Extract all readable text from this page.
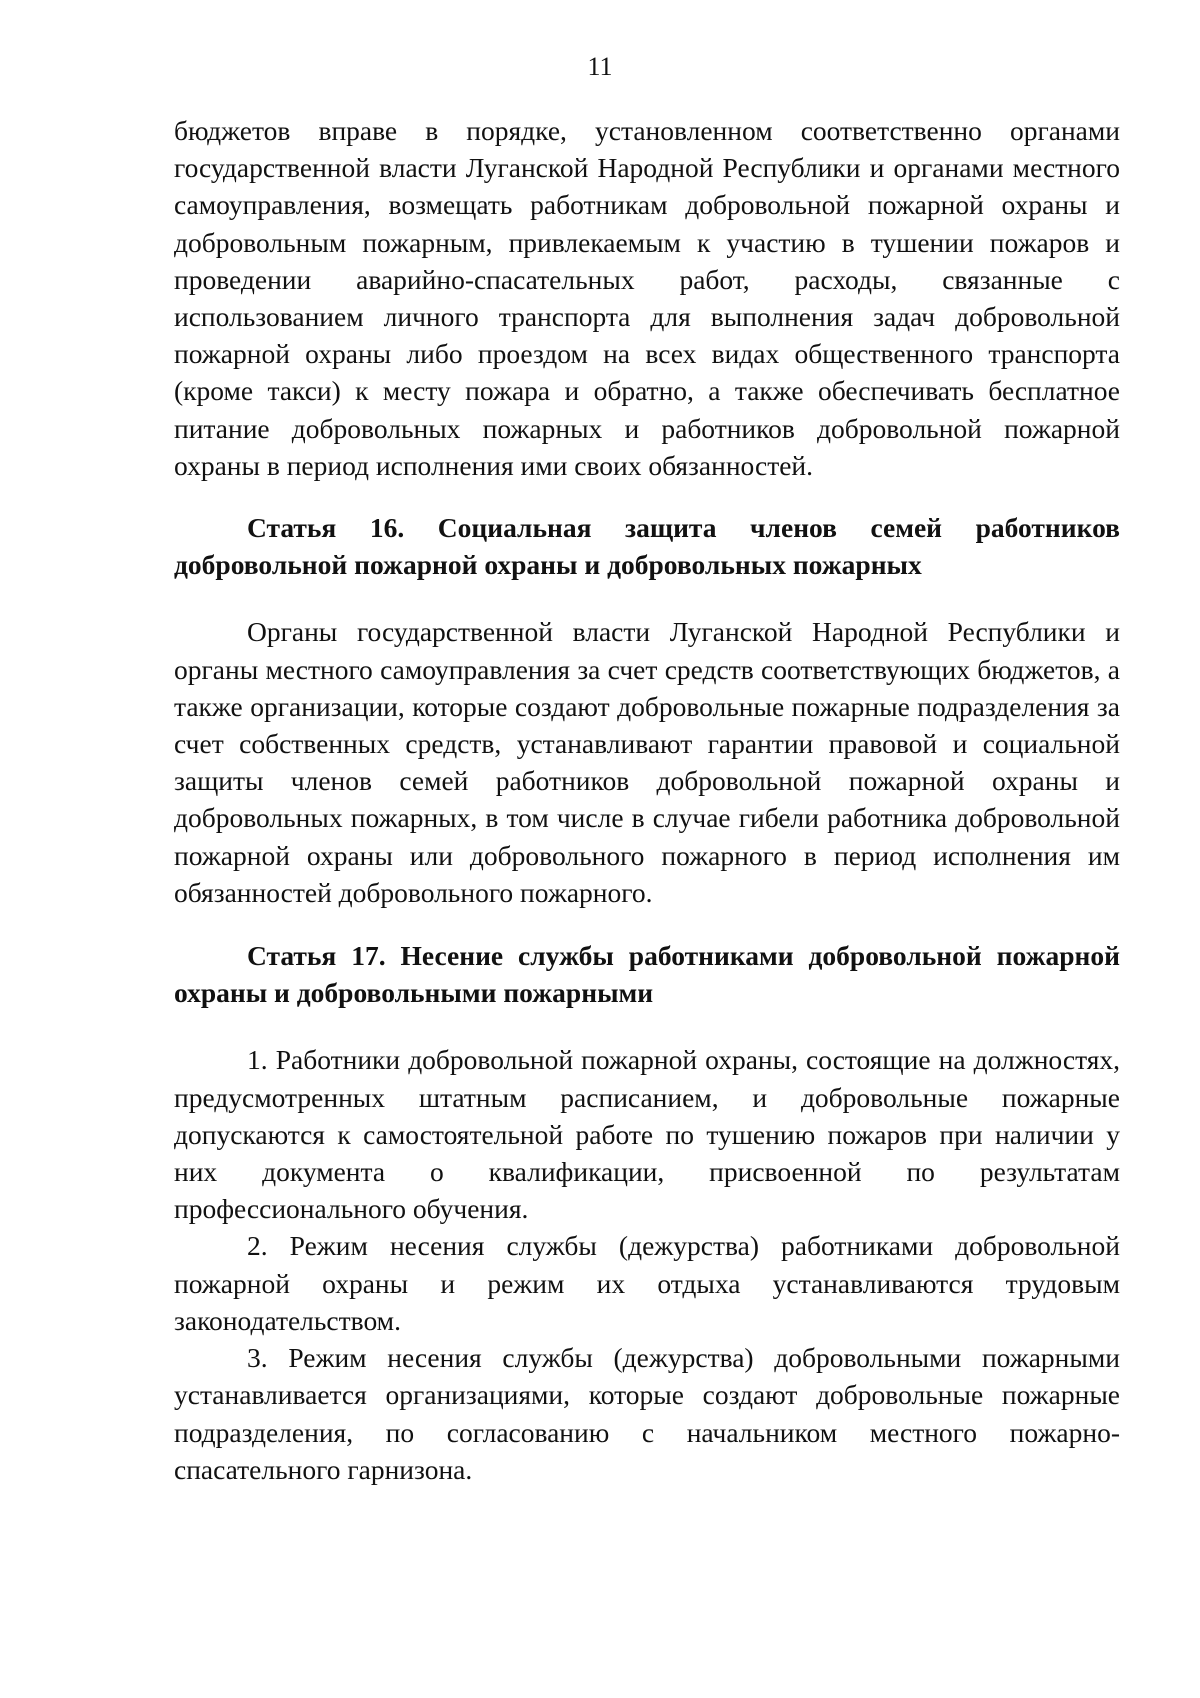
11

бюджетов вправе в порядке, установленном соответственно органами государственной власти Луганской Народной Республики и органами местного самоуправления, возмещать работникам добровольной пожарной охраны и добровольным пожарным, привлекаемым к участию в тушении пожаров и проведении аварийно-спасательных работ, расходы, связанные с использованием личного транспорта для выполнения задач добровольной пожарной охраны либо проездом на всех видах общественного транспорта (кроме такси) к месту пожара и обратно, а также обеспечивать бесплатное питание добровольных пожарных и работников добровольной пожарной охраны в период исполнения ими своих обязанностей.

Статья 16. Социальная защита членов семей работников добровольной пожарной охраны и добровольных пожарных

Органы государственной власти Луганской Народной Республики и органы местного самоуправления за счет средств соответствующих бюджетов, а также организации, которые создают добровольные пожарные подразделения за счет собственных средств, устанавливают гарантии правовой и социальной защиты членов семей работников добровольной пожарной охраны и добровольных пожарных, в том числе в случае гибели работника добровольной пожарной охраны или добровольного пожарного в период исполнения им обязанностей добровольного пожарного.

Статья 17. Несение службы работниками добровольной пожарной охраны и добровольными пожарными

1. Работники добровольной пожарной охраны, состоящие на должностях, предусмотренных штатным расписанием, и добровольные пожарные допускаются к самостоятельной работе по тушению пожаров при наличии у них документа о квалификации, присвоенной по результатам профессионального обучения.

2. Режим несения службы (дежурства) работниками добровольной пожарной охраны и режим их отдыха устанавливаются трудовым законодательством.

3. Режим несения службы (дежурства) добровольными пожарными устанавливается организациями, которые создают добровольные пожарные подразделения, по согласованию с начальником местного пожарно-спасательного гарнизона.
